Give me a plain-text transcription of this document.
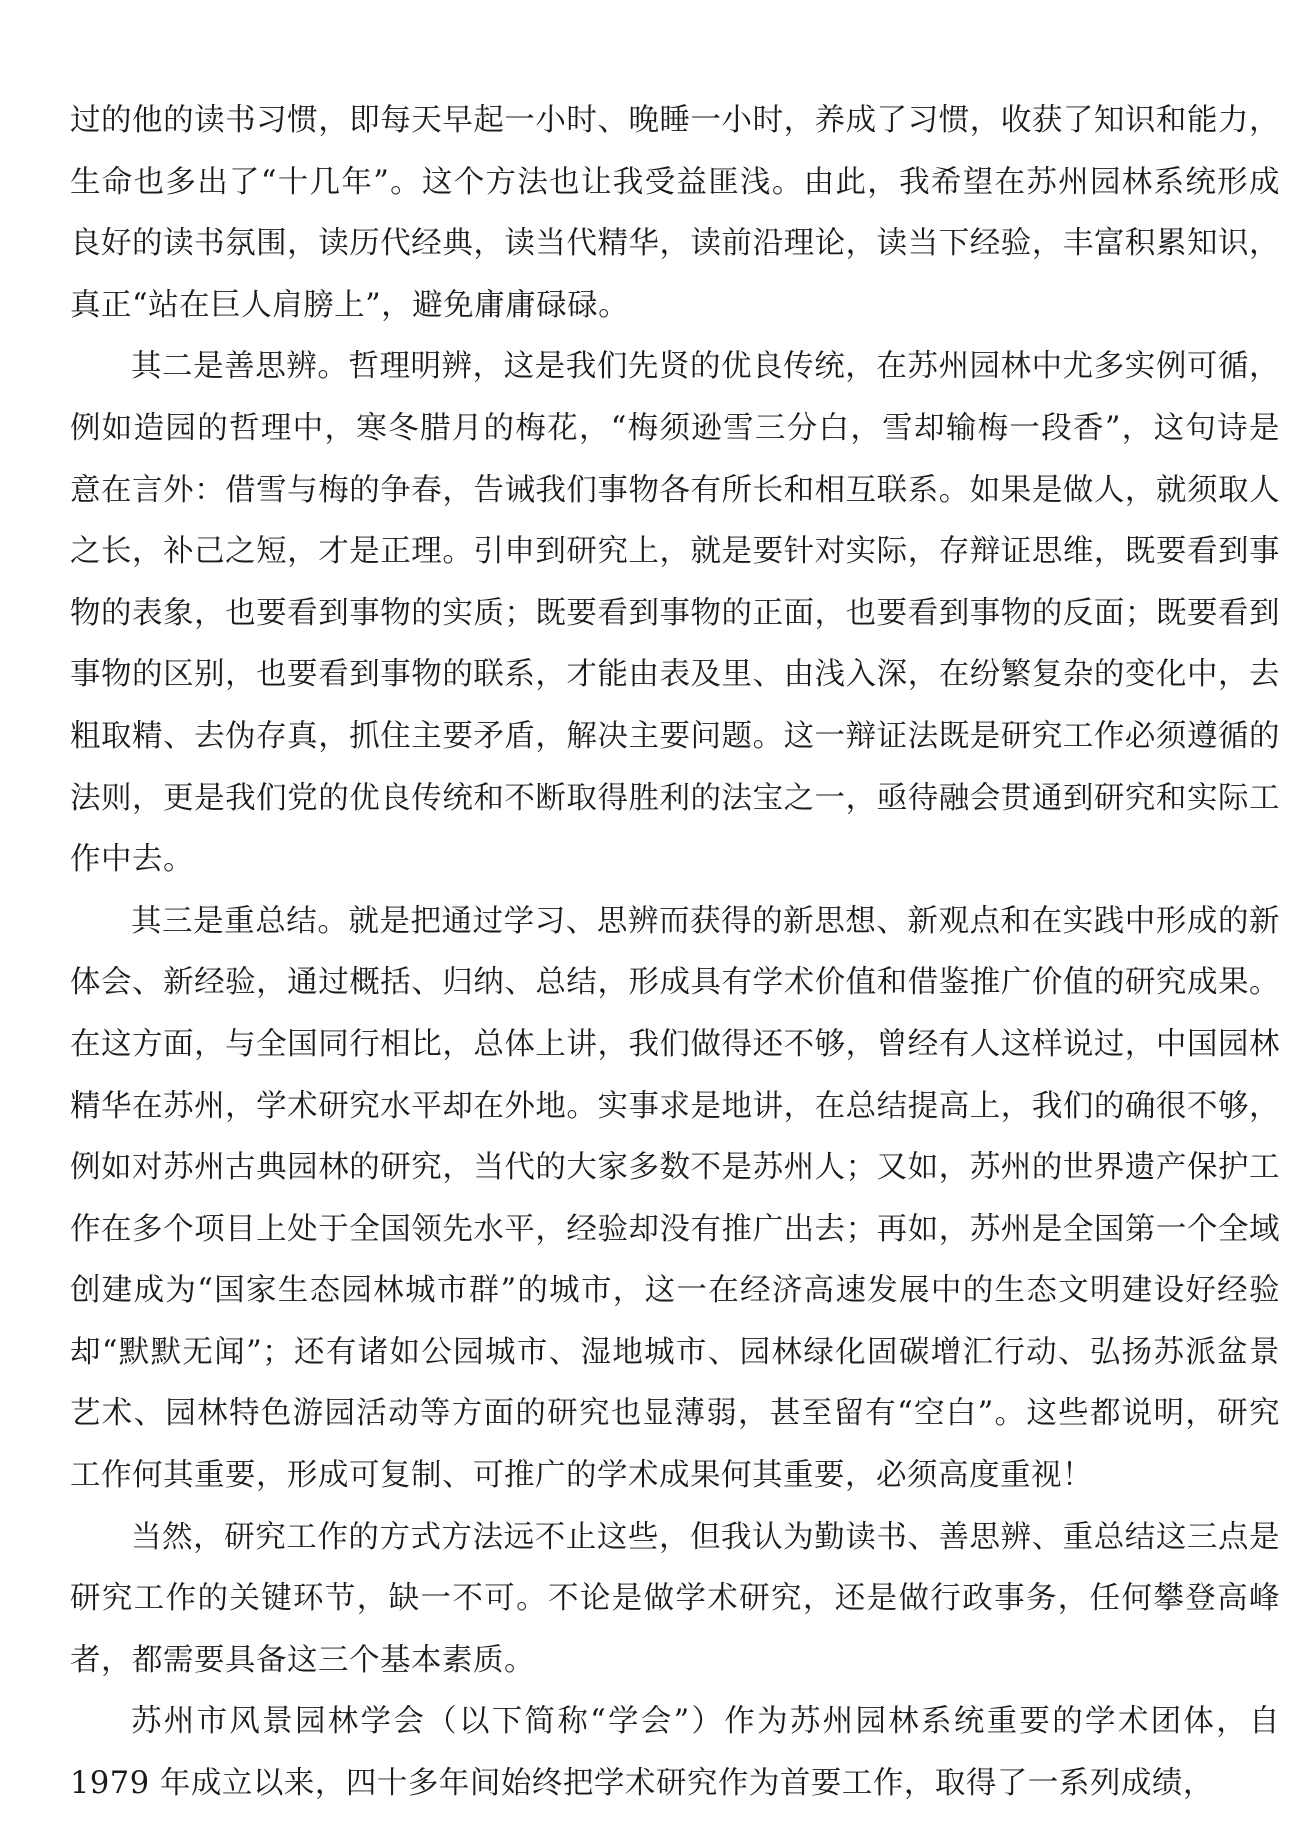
过的他的读书习惯，即每天早起一小时、晚睡一小时，养成了习惯，收获了知识和能力，生命也多出了“十几年”。这个方法也让我受益匪浅。由此，我希望在苏州园林系统形成良好的读书氛围，读历代经典，读当代精华，读前沿理论，读当下经验，丰富积累知识，真正“站在巨人肩膀上”，避免庸庸碌碌。

其二是善思辨。哲理明辨，这是我们先贤的优良传统，在苏州园林中尤多实例可循，例如造园的哲理中，寒冬腊月的梅花，“梅须逊雪三分白，雪却输梅一段香”，这句诗是意在言外：借雪与梅的争春，告诫我们事物各有所长和相互联系。如果是做人，就须取人之长，补己之短，才是正理。引申到研究上，就是要针对实际，存辩证思维，既要看到事物的表象，也要看到事物的实质；既要看到事物的正面，也要看到事物的反面；既要看到事物的区别，也要看到事物的联系，才能由表及里、由浅入深，在纷繁复杂的变化中，去粗取精、去伪存真，抓住主要矛盾，解决主要问题。这一辩证法既是研究工作必须遵循的法则，更是我们党的优良传统和不断取得胜利的法宝之一，亟待融会贯通到研究和实际工作中去。

其三是重总结。就是把通过学习、思辨而获得的新思想、新观点和在实践中形成的新体会、新经验，通过概括、归纳、总结，形成具有学术价值和借鉴推广价值的研究成果。在这方面，与全国同行相比，总体上讲，我们做得还不够，曾经有人这样说过，中国园林精华在苏州，学术研究水平却在外地。实事求是地讲，在总结提高上，我们的确很不够，例如对苏州古典园林的研究，当代的大家多数不是苏州人；又如，苏州的世界遗产保护工作在多个项目上处于全国领先水平，经验却没有推广出去；再如，苏州是全国第一个全域创建成为“国家生态园林城市群”的城市，这一在经济高速发展中的生态文明建设好经验却“默默无闻”；还有诸如公园城市、湿地城市、园林绿化固碳增汇行动、弘扬苏派盆景艺术、园林特色游园活动等方面的研究也显薄弱，甚至留有“空白”。这些都说明，研究工作何其重要，形成可复制、可推广的学术成果何其重要，必须高度重视！

当然，研究工作的方式方法远不止这些，但我认为勤读书、善思辨、重总结这三点是研究工作的关键环节，缺一不可。不论是做学术研究，还是做行政事务，任何攀登高峰者，都需要具备这三个基本素质。

苏州市风景园林学会（以下简称“学会”）作为苏州园林系统重要的学术团体，自 1979 年成立以来，四十多年间始终把学术研究作为首要工作，取得了一系列成绩，
